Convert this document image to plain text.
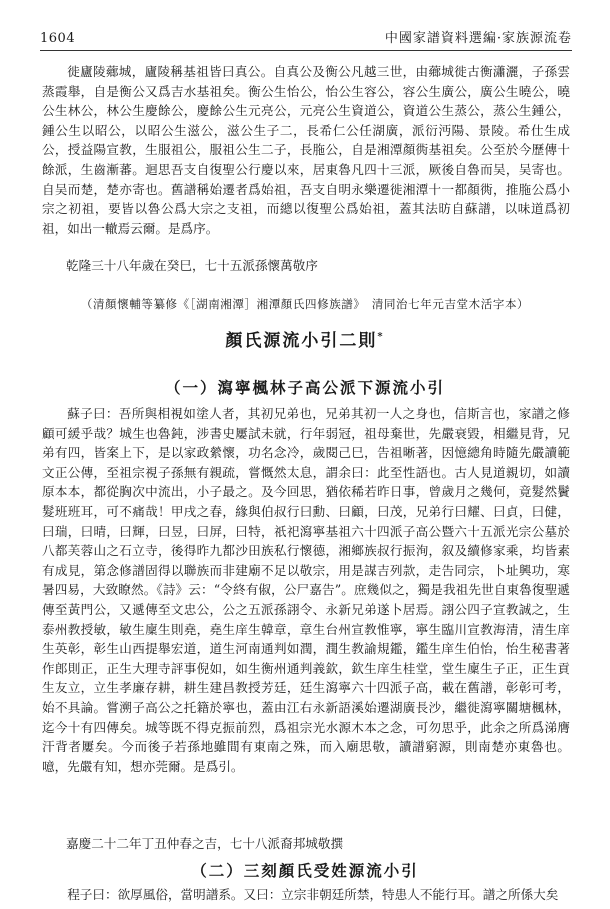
1604	中國家譜資料選編·家族源流卷

徙廬陵薌城，廬陵稱基祖皆曰真公。自真公及衡公凡越三世，由薌城徙古衡瀟灑，子孫雲蒸霞舉，自是衡公又爲吉水基祖矣。衡公生怡公，怡公生容公，容公生廣公，廣公生曉公，曉公生林公，林公生慶餘公，慶餘公生元亮公，元亮公生資道公，資道公生蒸公，蒸公生鍾公，鍾公生以昭公，以昭公生滋公，滋公生子二，長希仁公任湖廣，派衍沔陽、景陵。希仕生成公，授益陽宣教，生服祖公，服祖公生二子，長胣公，自是湘潭顏衖基祖矣。公至於今歷傳十餘派，生齒漸蕃。迴思吾支自復聖公行慶以來，居東魯凡四十三派，厥後自魯而吴，吴寄也。自吴而楚，楚亦寄也。舊譜稱始遷者爲始祖，吾支自明永樂遷徙湘潭十一都顏衖，推胣公爲小宗之初祖，要皆以魯公爲大宗之支祖，而總以復聖公爲始祖，蓋其法昉自蘇譜，以味道爲初祖，如出一轍焉云爾。是爲序。

乾隆三十八年歲在癸巳，七十五派孫懷萬敬序

（清顏懷輔等纂修《［湖南湘潭］湘潭顏氏四修族譜》　清同治七年元吉堂木活字本）

顏氏源流小引二則*
（一）瀉寧楓林子高公派下源流小引

蘇子曰：吾所與相視如塗人者，其初兄弟也，兄弟其初一人之身也，信斯言也，家譜之修顧可緩乎哉？城生也魯鈍，涉書史屢試未就，行年弱冠，祖母棄世，先嚴衰毀，相繼見背，兄弟有四，皆案上下，是以家政縈懷，功名念冷，歲閱己巳，告祖晰著，因憶總角時隨先嚴讀範文正公傳，至祖宗視子孫無有親疏，嘗慨然太息，謂余曰：此至性語也。古人見道親切，如讀原本本，都從胸次中流出，小子最之。及今回思，猶依稀若昨日事，曾歲月之幾何，竟髮然鬢髮班班耳，可不痛哉！甲戌之春，緣與伯叔行曰勳、曰顧，曰茂，兄弟行曰耀、曰貞，曰健，曰瑞，曰晴，曰輝，曰昱，曰屏，曰特，祇祀瀉寧基祖六十四派子高公暨六十五派光宗公墓於八都芙蓉山之石立寺，後得昨九都沙田族私行懷德，湘鄉族叔行振洵，叙及續修家乘，均皆素有成見，第念修譜固得以聯族而非建廟不足以敬宗，用是謀吉列款，走告同宗，卜址興功，寒暑四易，大致瞭然。《詩》云：“令終有俶，公尸嘉告”。庶幾似之，獨是我祖先世自東魯復聖遞傳至黃門公，又遞傳至文忠公，公之五派孫詡令、永新兄弟遂卜居焉。詡公四子宣教誠之，生泰州教授敏，敏生廩生則堯，堯生庠生韓章，章生台州宣教惟寧，寧生臨川宣教海清，清生庠生英彰，彰生山西提舉宏道，道生河南通判如潤，潤生教諭規鑑，鑑生庠生伯怡，怡生秘書著作郎則正，正生大理寺評事倪如，如生衡州通判義欽，欽生庠生桂堂，堂生廩生子正，正生貢生友立，立生孝廉存耕，耕生建昌教授芳廷，廷生瀉寧六十四派子高，載在舊譜，彰彰可考，始不具論。嘗溯子高公之托籍於寧也，蓋由江右永新語溪始遷湖廣長沙，繼徙瀉寧關塘楓林，迄今十有四傳矣。城等既不得克振前烈，爲祖宗光水源木本之念，可勿思乎，此余之所爲涕膺汗背者屢矣。今而後子若孫地雖間有東南之殊，而入廟思敬，讀譜窮源，則南楚亦東魯也。噫，先嚴有知，想亦莞爾。是爲引。

嘉慶二十二年丁丑仲春之吉，七十八派裔邦城敬撰

（二）三刻顏氏受姓源流小引

程子曰：欲厚風俗，當明譜系。又曰：立宗非朝廷所禁，特患人不能行耳。譜之所係大矣
